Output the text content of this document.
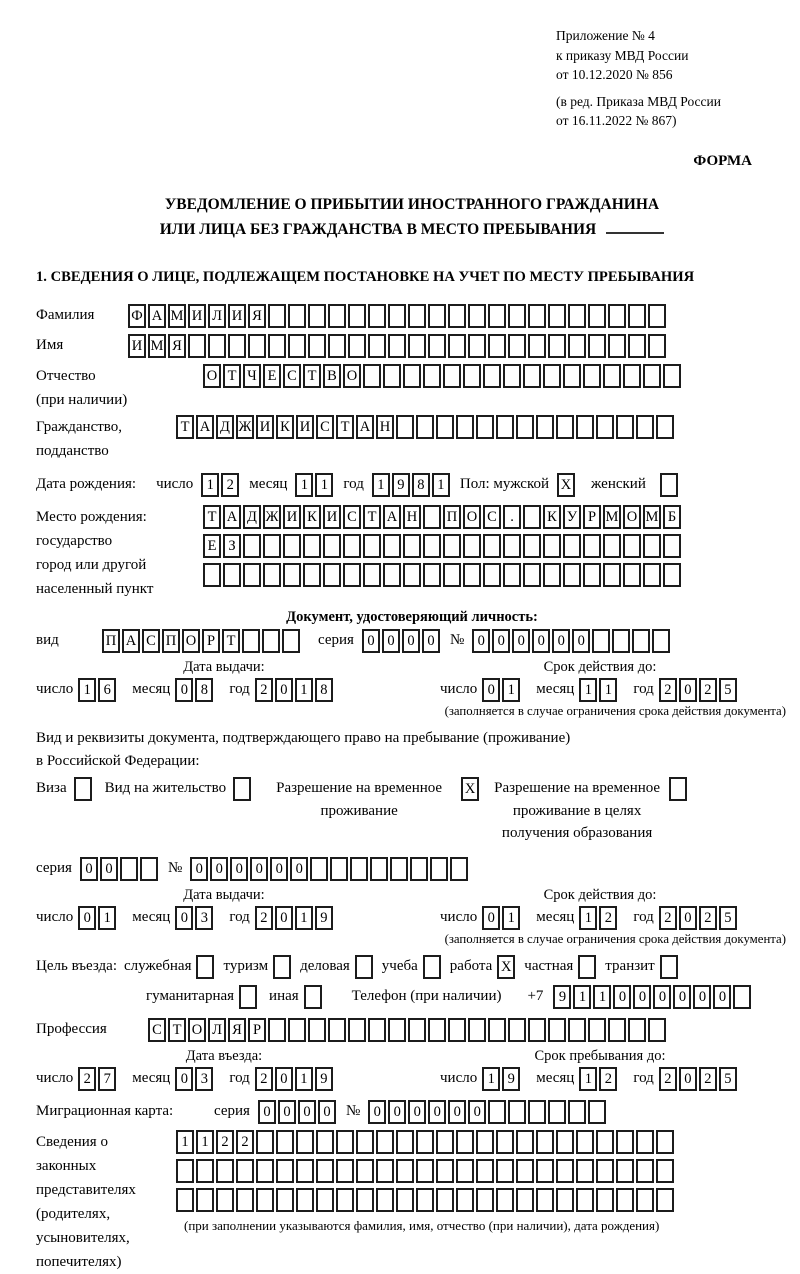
Приложение № 4
к приказу МВД России
от 10.12.2020 № 856
(в ред. Приказа МВД России
от 16.11.2022 № 867)
ФОРМА
УВЕДОМЛЕНИЕ О ПРИБЫТИИ ИНОСТРАННОГО ГРАЖДАНИНА
ИЛИ ЛИЦА БЕЗ ГРАЖДАНСТВА В МЕСТО ПРЕБЫВАНИЯ
1. СВЕДЕНИЯ О ЛИЦЕ, ПОДЛЕЖАЩЕМ ПОСТАНОВКЕ НА УЧЕТ ПО МЕСТУ ПРЕБЫВАНИЯ
Фамилия	Ф А М И Л И Я
Имя	И М Я
Отчество
(при наличии)
О Т Ч Е С Т В О
Гражданство,
подданство
Т А Д Ж И К И С Т А Н
Дата рождения: число 1 2	месяц 1 1	год 1 9 8 1	Пол: мужской X женский
Место рождения:
государство
город или другой
населенный пункт
Т А Д Ж И К И С Т А Н П О С .	К У Р М О М Б
Е З
Документ, удостоверяющий личность:
вид	П А С П О Р Т	серия 0 0 0 0	№ 0 0 0 0 0 0
Дата выдачи:	Срок действия до:
число 1 6	месяц 0 8	год 2 0 1 8	число 0 1	месяц 1 1	год 2 0 2 5
(заполняется в случае ограничения срока действия документа)
Вид и реквизиты документа, подтверждающего право на пребывание (проживание)
в Российской Федерации:
Виза	Вид на жительство	Разрешение на временное проживание
X Разрешение на временное проживание в целях получения образования
серия 0 0	№ 0 0 0 0 0 0
Дата выдачи:	Срок действия до:
число 0 1	месяц 0 3	год 2 0 1 9	число 0 1	месяц 1 2	год 2 0 2 5
(заполняется в случае ограничения срока действия документа)
Цель въезда: служебная туризм деловая учеба работа X частная транзит
гуманитарная иная	Телефон (при наличии) +7	9 1 1 0 0 0 0 0 0
Профессия	С Т О Л Я Р
Дата въезда:	Срок пребывания до:
число 2 7	месяц 0 3	год 2 0 1 9	число 1 9	месяц 1 2	год 2 0 2 5
Миграционная карта:	серия 0 0 0 0	№ 0 0 0 0 0 0
Сведения о
законных
представителях
(родителях,
усыновителях,
попечителях)
1 1 2 2
(при заполнении указываются фамилия, имя, отчество (при наличии), дата рождения)
